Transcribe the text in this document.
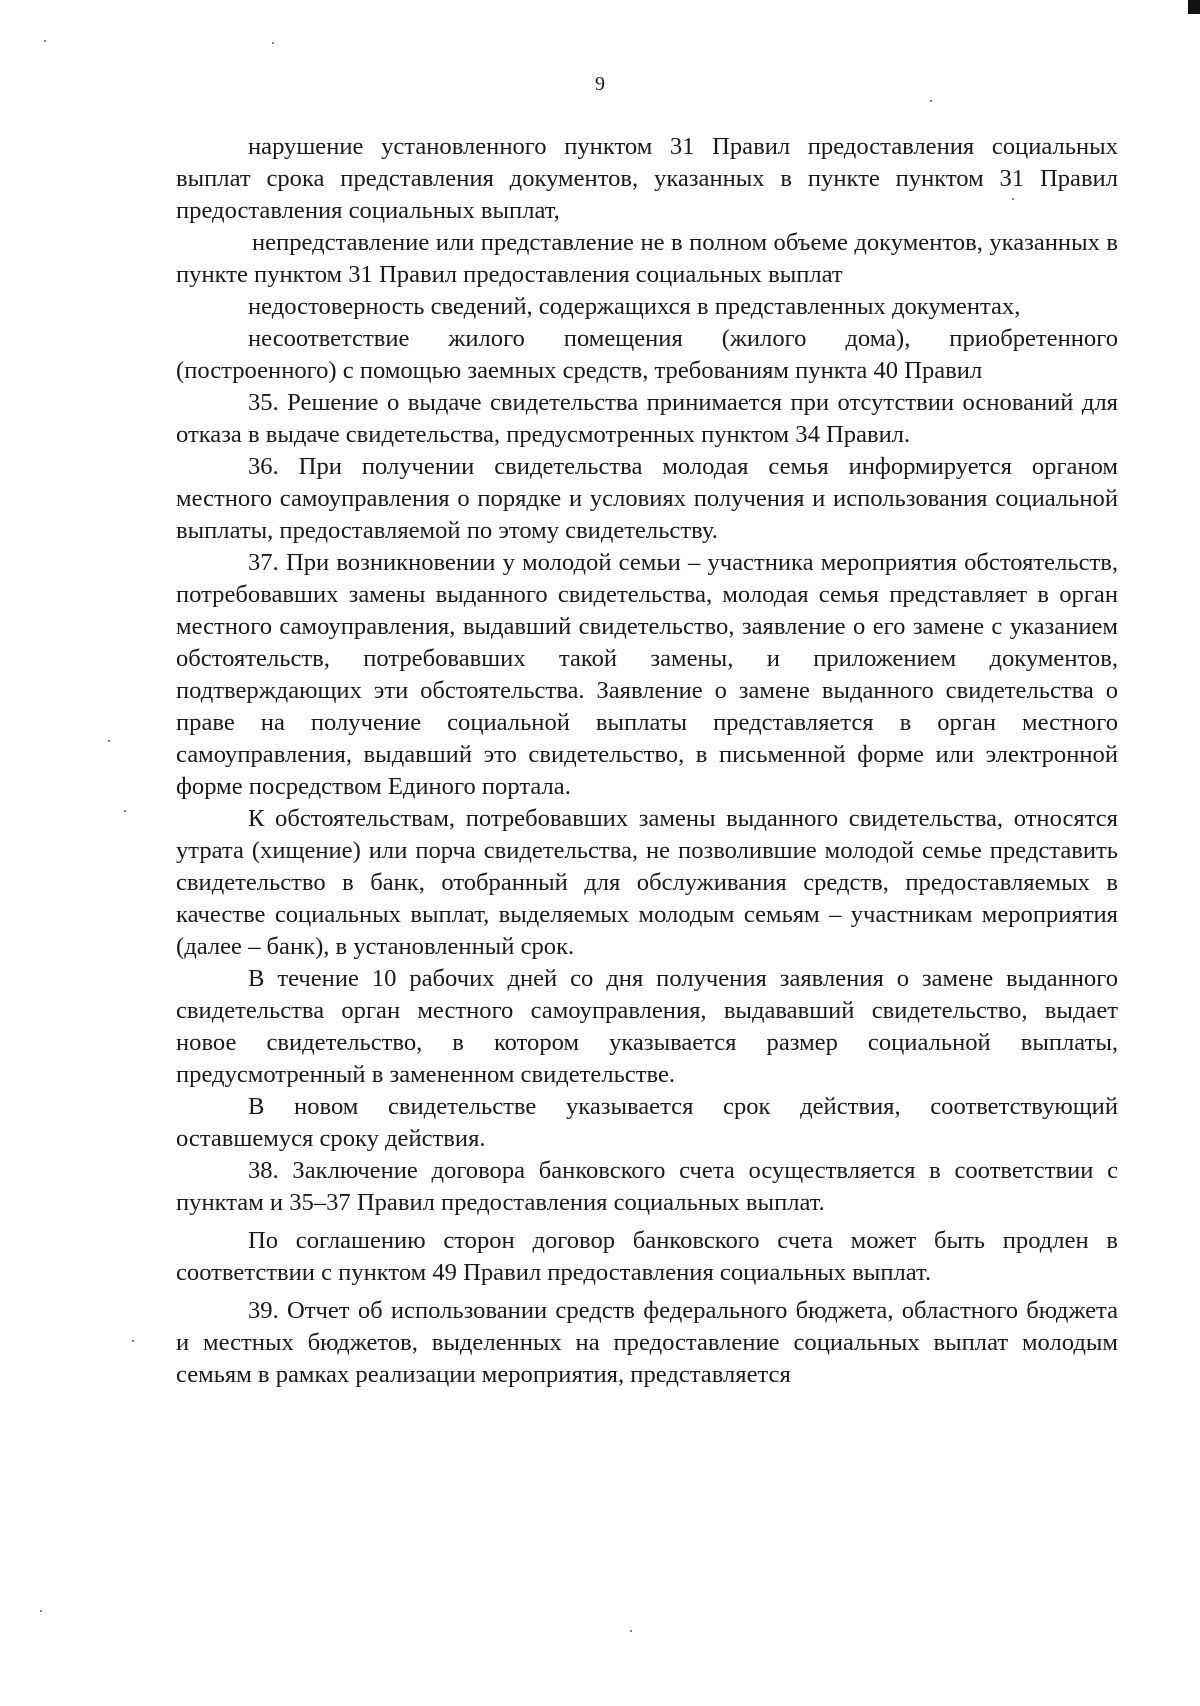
9

нарушение установленного пунктом 31 Правил предоставления социальных выплат срока представления документов, указанных в пункте пунктом 31 Правил предоставления социальных выплат,

непредставление или представление не в полном объеме документов, указанных в пункте пунктом 31 Правил предоставления социальных выплат

недостоверность сведений, содержащихся в представленных документах,

несоответствие жилого помещения (жилого дома), приобретенного (построенного) с помощью заемных средств, требованиям пункта 40 Правил

35. Решение о выдаче свидетельства принимается при отсутствии оснований для отказа в выдаче свидетельства, предусмотренных пунктом 34 Правил.

36. При получении свидетельства молодая семья информируется органом местного самоуправления о порядке и условиях получения и использования социальной выплаты, предоставляемой по этому свидетельству.

37. При возникновении у молодой семьи – участника мероприятия обстоятельств, потребовавших замены выданного свидетельства, молодая семья представляет в орган местного самоуправления, выдавший свидетельство, заявление о его замене с указанием обстоятельств, потребовавших такой замены, и приложением документов, подтверждающих эти обстоятельства. Заявление о замене выданного свидетельства о праве на получение социальной выплаты представляется в орган местного самоуправления, выдавший это свидетельство, в письменной форме или электронной форме посредством Единого портала.

К обстоятельствам, потребовавших замены выданного свидетельства, относятся утрата (хищение) или порча свидетельства, не позволившие молодой семье представить свидетельство в банк, отобранный для обслуживания средств, предоставляемых в качестве социальных выплат, выделяемых молодым семьям – участникам мероприятия (далее – банк), в установленный срок.

В течение 10 рабочих дней со дня получения заявления о замене выданного свидетельства орган местного самоуправления, выдававший свидетельство, выдает новое свидетельство, в котором указывается размер социальной выплаты, предусмотренный в замененном свидетельстве.

В новом свидетельстве указывается срок действия, соответствующий оставшемуся сроку действия.

38. Заключение договора банковского счета осуществляется в соответствии с пунктам и 35–37 Правил предоставления социальных выплат.

По соглашению сторон договор банковского счета может быть продлен в соответствии с пунктом 49 Правил предоставления социальных выплат.

39. Отчет об использовании средств федерального бюджета, областного бюджета и местных бюджетов, выделенных на предоставление социальных выплат молодым семьям в рамках реализации мероприятия, представляется
